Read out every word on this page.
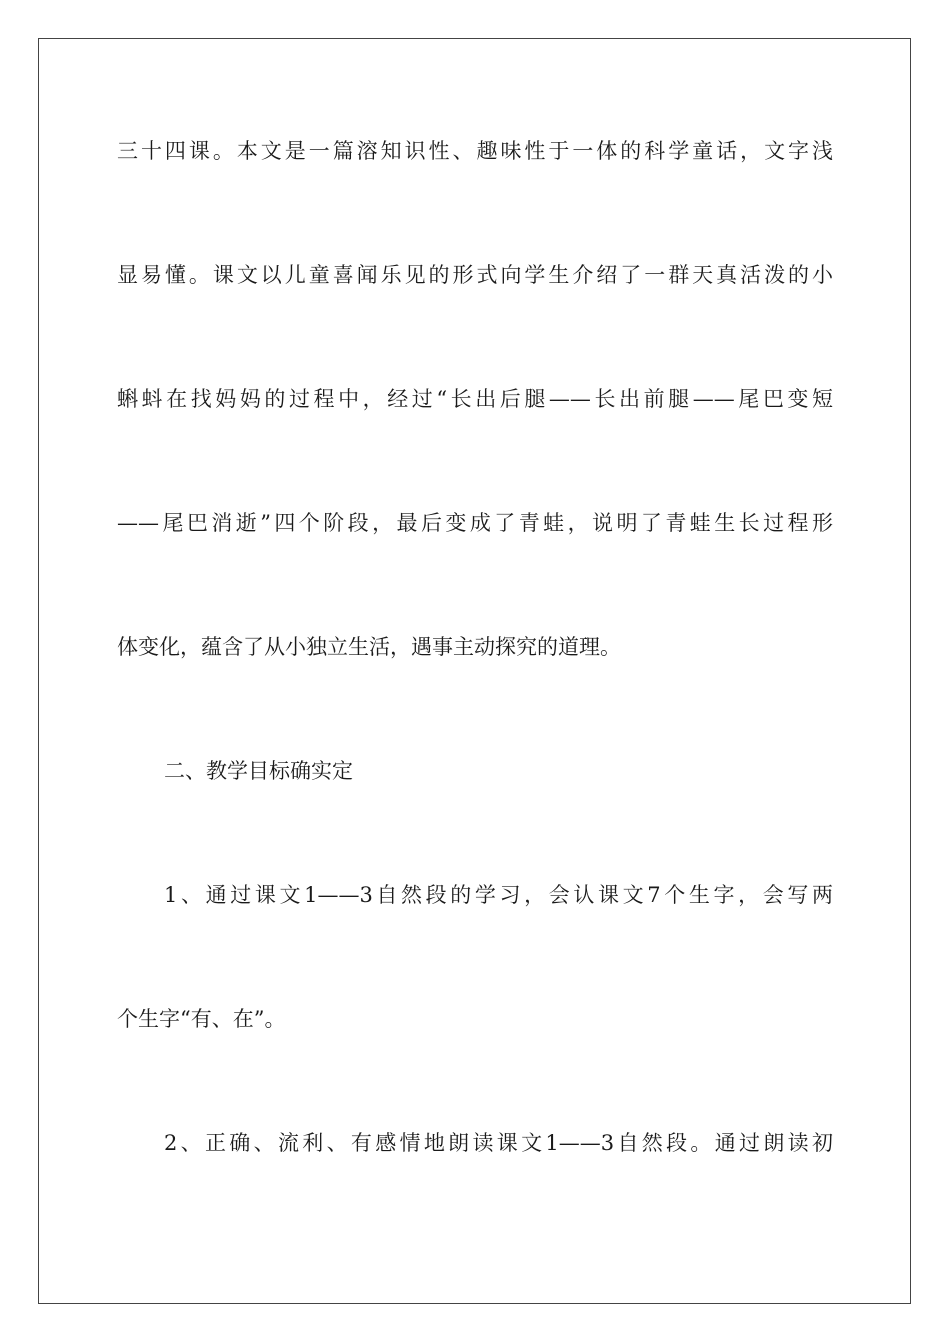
三十四课。本文是一篇溶知识性、趣味性于一体的科学童话，文字浅
显易懂。课文以儿童喜闻乐见的形式向学生介绍了一群天真活泼的小
蝌蚪在找妈妈的过程中，经过“长出后腿——长出前腿——尾巴变短
——尾巴消逝”四个阶段，最后变成了青蛙，说明了青蛙生长过程形
体变化，蕴含了从小独立生活，遇事主动探究的道理。
二、教学目标确实定
1、通过课文1——3自然段的学习，会认课文7个生字，会写两
个生字“有、在”。
2、正确、流利、有感情地朗读课文1——3自然段。通过朗读初
